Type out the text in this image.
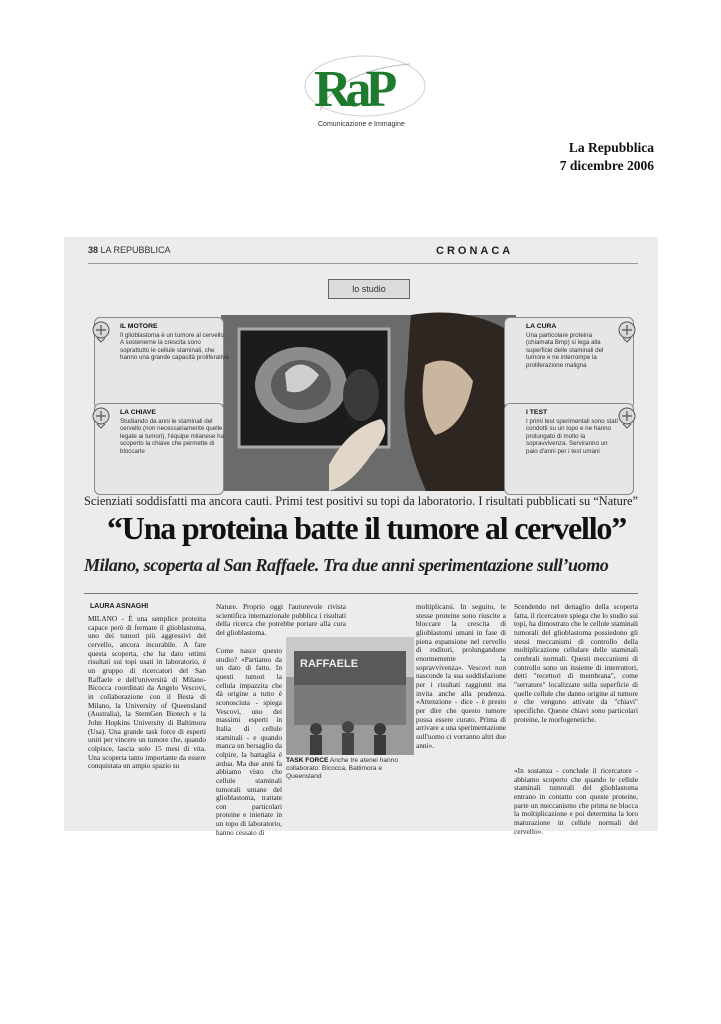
RaP
Comunicazione e Immagine
La Repubblica
7 dicembre 2006
38 LA REPUBBLICA	CRONACA
lo studio
IL MOTORE
Il glioblastoma è un tumore al cervello. A sostenerne la crescita sono soprattutto le cellule staminali, che hanno una grande capacità proliferativa
LA CHIAVE
Studiando da anni le staminali del cervello (non necessariamente quelle legate ai tumori), l'équipe milanese ha scoperto la chiave che permette di bloccarle
LA CURA
Una particolare proteina (chiamata Bmp) si lega alla superficie delle staminali del tumore e ne interrompe la proliferazione maligna
I TEST
I primi test sperimentali sono stati condotti su un topo e ne hanno prolungato di molto la sopravvivenza. Serviranno un paio d'anni per i test umani
Scienziati soddisfatti ma ancora cauti. Primi test positivi su topi da laboratorio. I risultati pubblicati su “Nature”
“Una proteina batte il tumore al cervello”
Milano, scoperta al San Raffaele. Tra due anni sperimentazione sull’uomo
LAURA ASNAGHI
MILANO - È una semplice proteina capace però di fermare il glioblastoma, uno dei tumori più aggressivi del cervello, ancora incurabile. A fare questa scoperta, che ha dato ottimi risultati sui topi usati in laboratorio, è un gruppo di ricercatori del San Raffaele e dell'università di Milano-Bicocca coordinati da Angelo Vescovi, in collaborazione con il Besta di Milano, la University of Queensland (Australia), la StemGen Biotech e la John Hopkins University di Baltimora (Usa). Una grande task force di esperti uniti per vincere un tumore che, quando colpisce, lascia solo 15 mesi di vita. Una scoperta tanto importante da essere conquistata un ampio spazio su
Nature. Proprio oggi l'autorevole rivista scientifica internazionale pubblica i risultati della ricerca che potrebbe portare alla cura del glioblastoma.
Come nasce questo studio? «Partiamo da un dato di fatto. In questi tumori la cellula impazzita che dà origine a tutto è sconosciuta - spiega Vescovi, uno dei massimi esperti in Italia di cellule staminali - e quando manca un bersaglio da colpire, la battaglia è ardua. Ma due anni fa abbiamo visto che cellule staminali tumorali umane del glioblastoma, trattate con particolari proteine e iniettate in un topo di laboratorio, hanno cessato di
moltiplicarsi. In seguito, le stesse proteine sono riuscite a bloccare la crescita di glioblastomi umani in fase di piena espansione nel cervello di roditori, prolungandone enormemente la sopravvivenza». Vescovi non nasconde la sua soddisfazione per i risultati raggiunti ma invita anche alla prudenza. «Attenzione - dice - è presto per dire che questo tumore possa essere curato. Prima di arrivare a una sperimentazione sull'uomo ci vorranno altri due anni».
Scendendo nel dettaglio della scoperta fatta, il ricercatore spiega che lo studio sui topi, ha dimostrato che le cellule staminali tumorali del glioblastoma possiedono gli stessi meccanismi di controllo della moltiplicazione cellulare delle staminali cerebrali normali. Questi meccanismi di controllo sono un insieme di interruttori, detti "recettori di membrana", come "serrature" localizzate sulla superficie di quelle cellule che danno origine al tumore e che vengono attivate da "chiavi" specifiche. Queste chiavi sono particolari proteine, le morfogenetiche.
«In sostanza - conclude il ricercatore - abbiamo scoperto che quando le cellule staminali tumorali del glioblastoma entrano in contatto con queste proteine, parte un meccanismo che prima ne blocca la moltiplicazione e poi determina la loro maturazione in cellule normali del cervello».
RAFFAELE
TASK FORCE Anche tre atenei hanno collaborato: Bicocca, Baltimora e Queensland
